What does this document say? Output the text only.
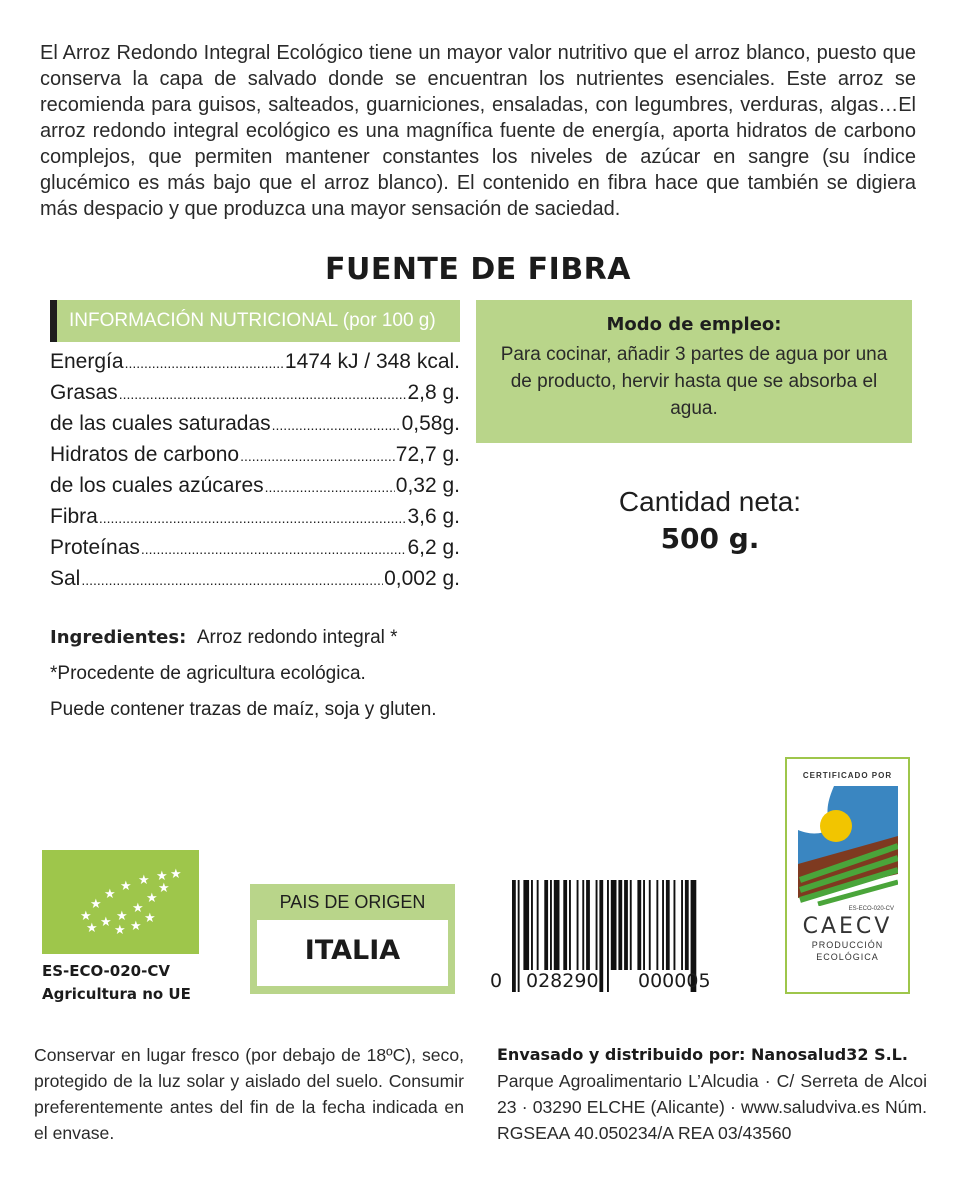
El Arroz Redondo Integral Ecológico tiene un mayor valor nutritivo que el arroz blanco, puesto que conserva la capa de salvado donde se encuentran los nutrientes esenciales. Este arroz se recomienda para guisos, salteados, guarniciones, ensaladas, con legumbres, verduras, algas…El arroz redondo integral ecológico es una magnífica fuente de energía, aporta hidratos de carbono complejos, que permiten mantener constantes los niveles de azúcar en sangre (su índice glucémico es más bajo que el arroz blanco). El contenido en fibra hace que también se digiera más despacio y que produzca una mayor sensación de saciedad.

FUENTE DE FIBRA
INFORMACIÓN NUTRICIONAL (por 100 g)
Energía .....	1474 kJ / 348 kcal.
Grasas .....	2,8 g.
de las cuales saturadas .....	0,58g.
Hidratos de carbono .....	72,7 g.
de los cuales azúcares .....	0,32 g.
Fibra .....	3,6 g.
Proteínas .....	6,2 g.
Sal .....	0,002 g.
Ingredientes: Arroz redondo integral *
*Procedente de agricultura ecológica.
Puede contener trazas de maíz, soja y gluten.
Modo de empleo:
Para cocinar, añadir 3 partes de agua por una de producto, hervir hasta que se absorba el agua.
Cantidad neta:
500 g.
★
★
★
★ ★ ★ ★
★ ★ ★
★
★
★
★ ★
★
ES-ECO-020-CV
Agricultura no UE
PAIS DE ORIGEN
ITALIA
0 028290 000005
CERTIFICADO POR
ES-ECO-020-CV
CAECV
PRODUCCIÓN
ECOLÓGICA

Conservar en lugar fresco (por debajo de 18ºC), seco, protegido de la luz solar y aislado del suelo. Consumir preferentemente antes del fin de la fecha indicada en el envase.

Envasado y distribuido por: Nanosalud32 S.L.
Parque Agroalimentario L’Alcudia · C/ Serreta de Alcoi 23 · 03290 ELCHE (Alicante) · www.saludviva.es Núm. RGSEAA 40.050234/A REA 03/43560
